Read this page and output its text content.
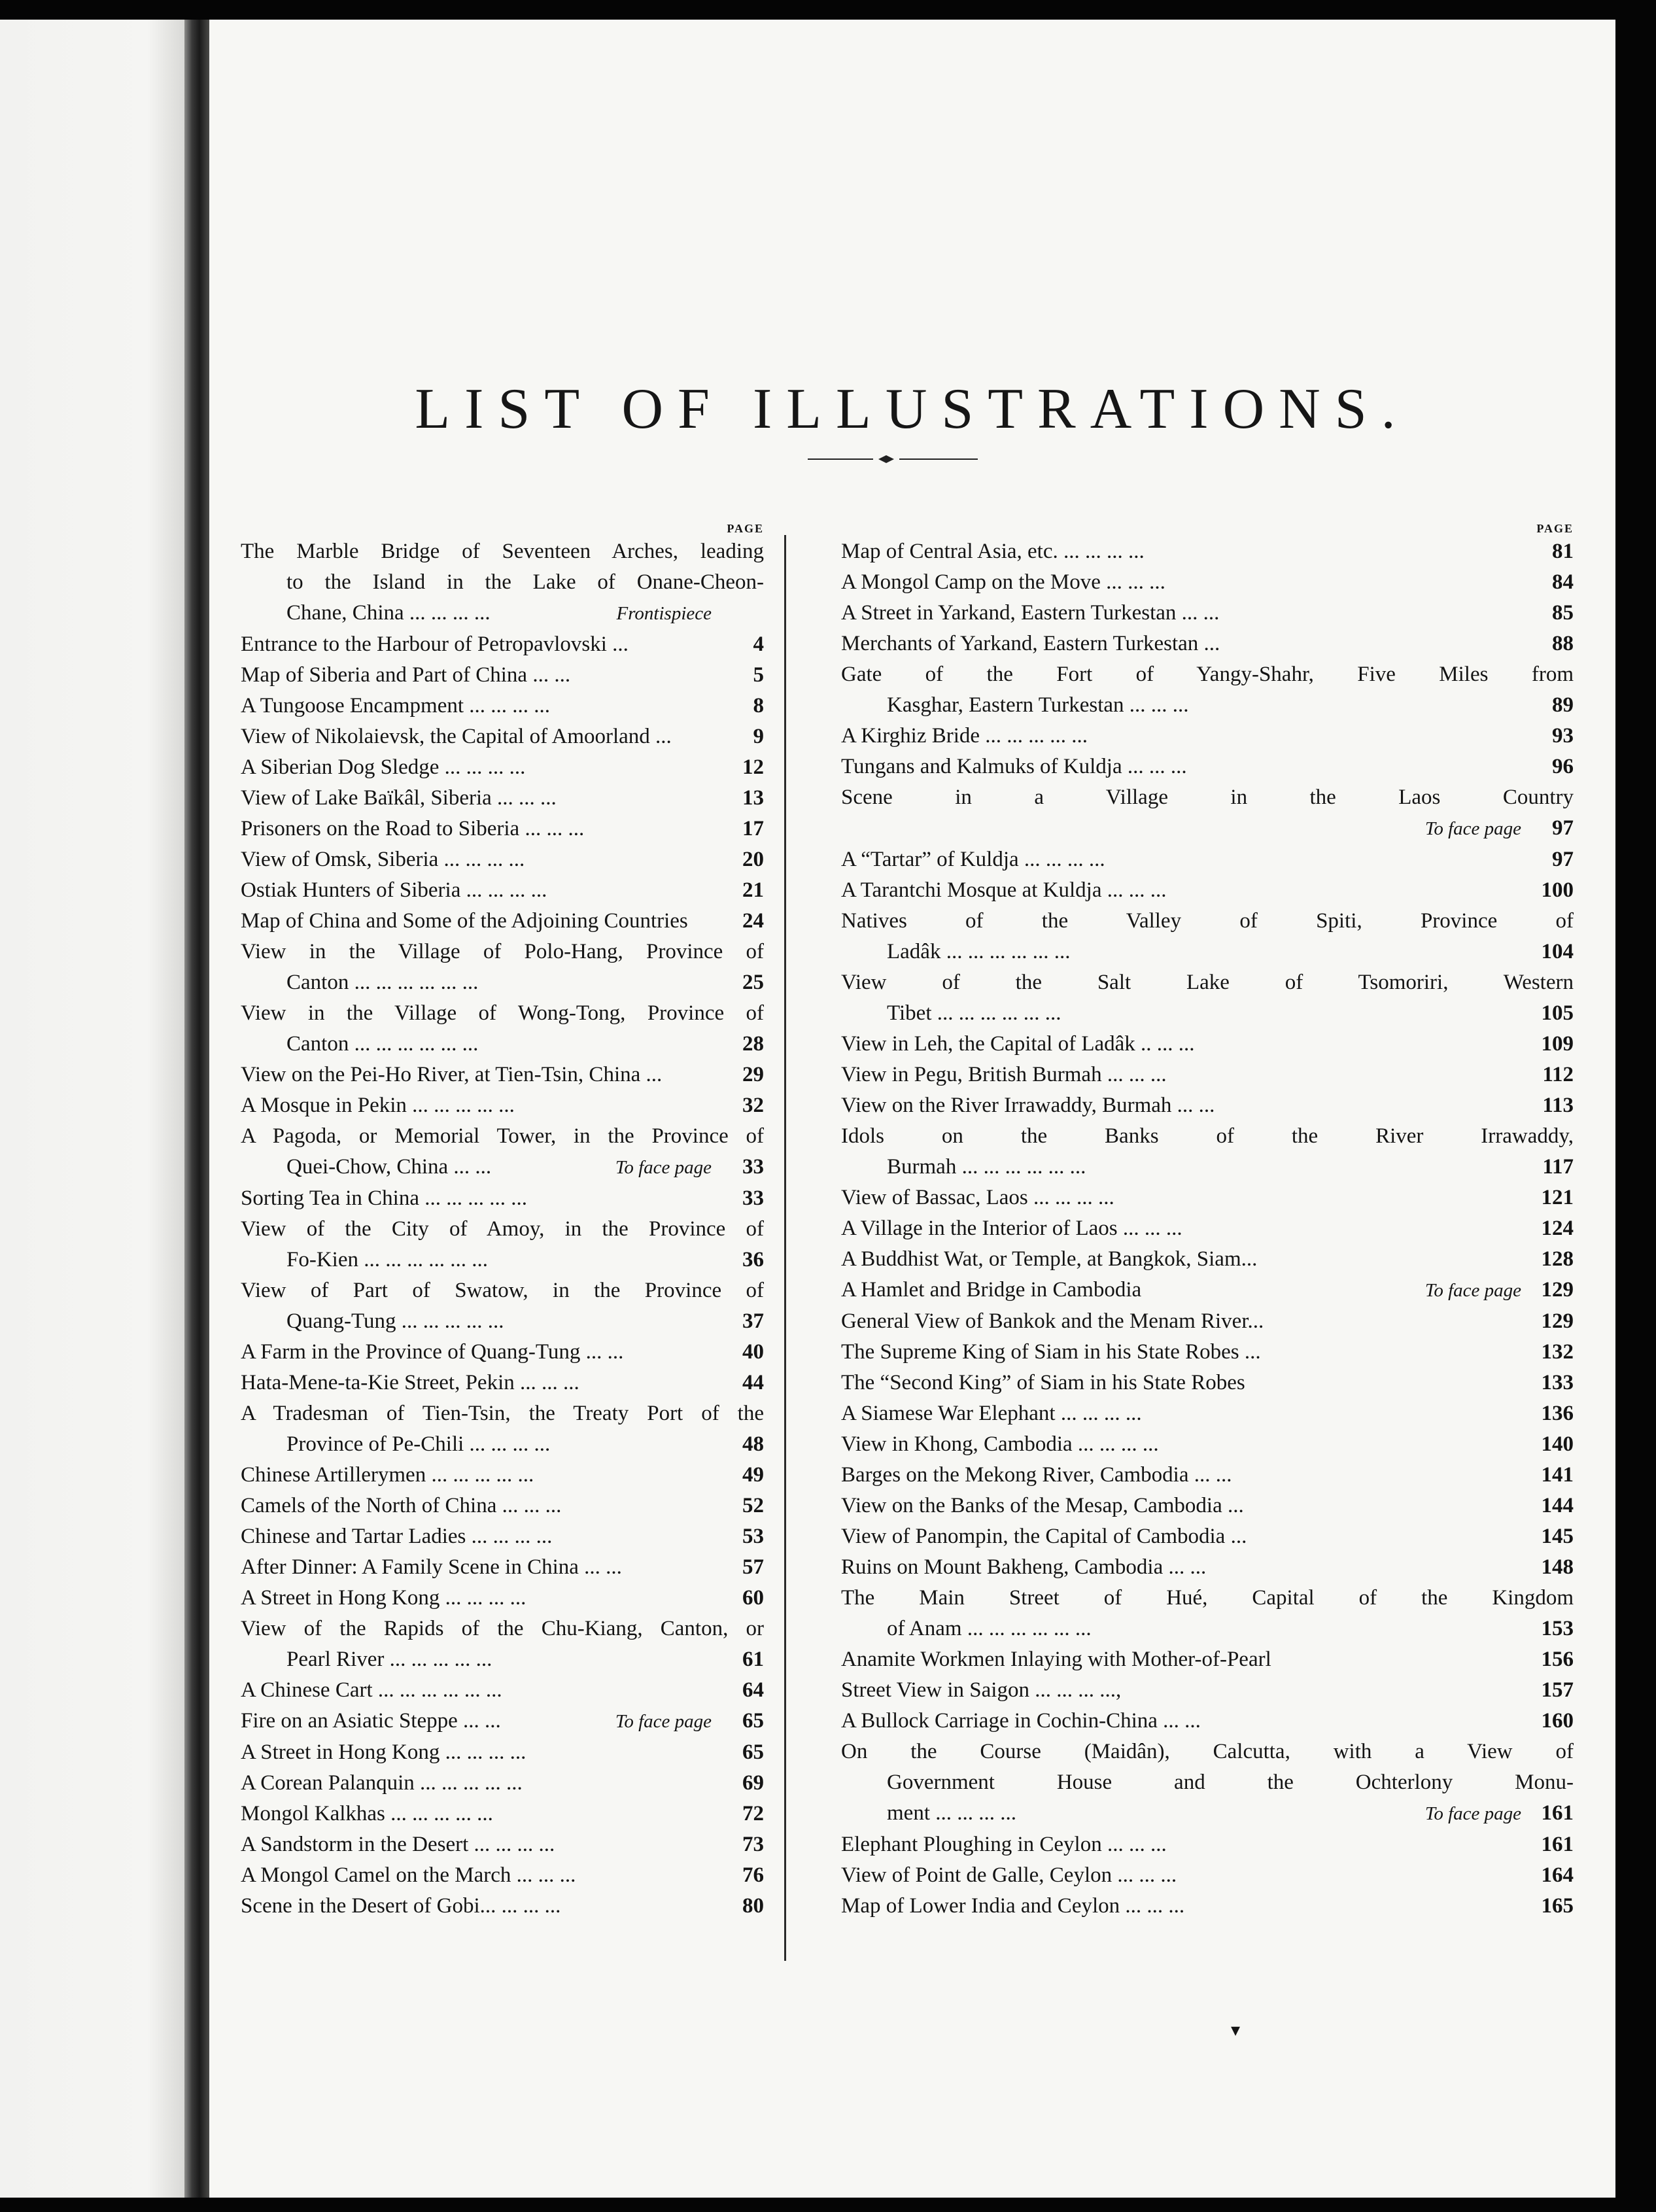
LIST OF ILLUSTRATIONS.
PAGE
The Marble Bridge of Seventeen Arches, leading
to the Island in the Lake of Onane-Cheon-
Chane, China ... ... ... ...	Frontispiece
Entrance to the Harbour of Petropavlovski ...	4
Map of Siberia and Part of China ... ...	5
A Tungoose Encampment ... ... ... ...	8
View of Nikolaievsk, the Capital of Amoorland ...	9
A Siberian Dog Sledge ... ... ... ...	12
View of Lake Baïkâl, Siberia ... ... ...	13
Prisoners on the Road to Siberia ... ... ...	17
View of Omsk, Siberia ... ... ... ...	20
Ostiak Hunters of Siberia ... ... ... ...	21
Map of China and Some of the Adjoining Countries	24
View in the Village of Polo-Hang, Province of
Canton ... ... ... ... ... ...	25
View in the Village of Wong-Tong, Province of
Canton ... ... ... ... ... ...	28
View on the Pei-Ho River, at Tien-Tsin, China ...	29
A Mosque in Pekin ... ... ... ... ...	32
A Pagoda, or Memorial Tower, in the Province of
Quei-Chow, China ... ...	To face page	33
Sorting Tea in China ... ... ... ... ...	33
View of the City of Amoy, in the Province of
Fo-Kien ... ... ... ... ... ...	36
View of Part of Swatow, in the Province of
Quang-Tung ... ... ... ... ...	37
A Farm in the Province of Quang-Tung ... ...	40
Hata-Mene-ta-Kie Street, Pekin ... ... ...	44
A Tradesman of Tien-Tsin, the Treaty Port of the
Province of Pe-Chili ... ... ... ...	48
Chinese Artillerymen ... ... ... ... ...	49
Camels of the North of China ... ... ...	52
Chinese and Tartar Ladies ... ... ... ...	53
After Dinner: A Family Scene in China ... ...	57
A Street in Hong Kong ... ... ... ...	60
View of the Rapids of the Chu-Kiang, Canton, or
Pearl River ... ... ... ... ...	61
A Chinese Cart ... ... ... ... ... ...	64
Fire on an Asiatic Steppe ... ...	To face page	65
A Street in Hong Kong ... ... ... ...	65
A Corean Palanquin ... ... ... ... ...	69
Mongol Kalkhas ... ... ... ... ...	72
A Sandstorm in the Desert ... ... ... ...	73
A Mongol Camel on the March ... ... ...	76
Scene in the Desert of Gobi... ... ... ...	80
PAGE
Map of Central Asia, etc. ... ... ... ...	81
A Mongol Camp on the Move ... ... ...	84
A Street in Yarkand, Eastern Turkestan ... ...	85
Merchants of Yarkand, Eastern Turkestan ...	88
Gate of the Fort of Yangy-Shahr, Five Miles from
Kasghar, Eastern Turkestan ... ... ...	89
A Kirghiz Bride ... ... ... ... ...	93
Tungans and Kalmuks of Kuldja ... ... ...	96
Scene in a Village in the Laos Country
To face page	97
A “Tartar” of Kuldja ... ... ... ...	97
A Tarantchi Mosque at Kuldja ... ... ...	100
Natives of the Valley of Spiti, Province of
Ladâk ... ... ... ... ... ...	104
View of the Salt Lake of Tsomoriri, Western
Tibet ... ... ... ... ... ...	105
View in Leh, the Capital of Ladâk .. ... ...	109
View in Pegu, British Burmah ... ... ...	112
View on the River Irrawaddy, Burmah ... ...	113
Idols on the Banks of the River Irrawaddy,
Burmah ... ... ... ... ... ...	117
View of Bassac, Laos ... ... ... ...	121
A Village in the Interior of Laos ... ... ...	124
A Buddhist Wat, or Temple, at Bangkok, Siam...	128
A Hamlet and Bridge in Cambodia	To face page 129
General View of Bankok and the Menam River...	129
The Supreme King of Siam in his State Robes ...	132
The “Second King” of Siam in his State Robes	133
A Siamese War Elephant ... ... ... ...	136
View in Khong, Cambodia ... ... ... ...	140
Barges on the Mekong River, Cambodia ... ...	141
View on the Banks of the Mesap, Cambodia ...	144
View of Panompin, the Capital of Cambodia ...	145
Ruins on Mount Bakheng, Cambodia ... ...	148
The Main Street of Hué, Capital of the Kingdom
of Anam ... ... ... ... ... ...	153
Anamite Workmen Inlaying with Mother-of-Pearl	156
Street View in Saigon ... ... ... ...,	157
A Bullock Carriage in Cochin-China ... ...	160
On the Course (Maidân), Calcutta, with a View of
Government House and the Ochterlony Monu-
ment ... ... ... ...	To face page 161
Elephant Ploughing in Ceylon ... ... ...	161
View of Point de Galle, Ceylon ... ... ...	164
Map of Lower India and Ceylon ... ... ...	165
▾
